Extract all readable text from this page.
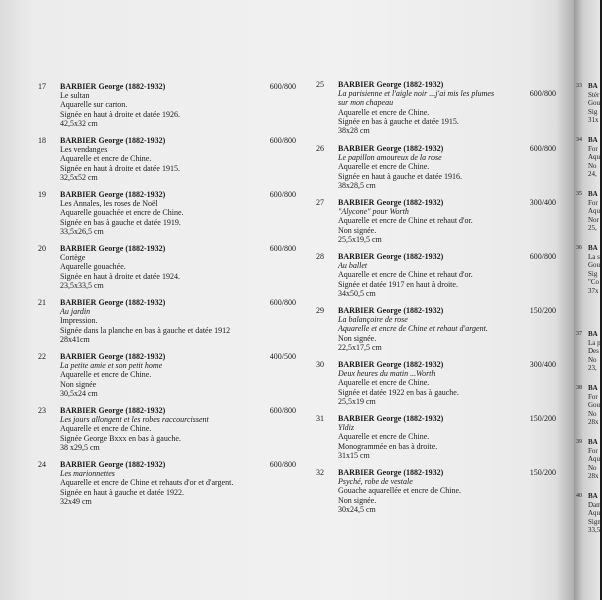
17	BARBIER George (1882-1932)
Le sultan
Aquarelle sur carton.
Signée en haut à droite et datée 1926.
42,5x32 cm
600/800
18	BARBIER George (1882-1932)
Les vendanges
Aquarelle et encre de Chine.
Signée en haut à droite et datée 1915.
32,5x52 cm
600/800
19	BARBIER George (1882-1932)
Les Annales, les roses de Noël
Aquarelle gouachée et encre de Chine.
Signée en bas à gauche et datée 1919.
33,5x26,5 cm
600/800
20	BARBIER George (1882-1932)
Cortège
Aquarelle gouachée.
Signée en haut à droite et datée 1924.
23,5x33,5 cm
600/800
21	BARBIER George (1882-1932)
Au jardin
Impression.
Signée dans la planche en bas à gauche et datée 1912
28x41cm
600/800
22	BARBIER George (1882-1932)
La petite amie et son petit home
Aquarelle et encre de Chine.
Non signée
30,5x24 cm
400/500
23	BARBIER George (1882-1932)
Les jours allongent et les robes raccourcissent
Aquarelle et encre de Chine.
Signée George Bxxx en bas à gauche.
38 x29,5 cm
600/800
24	BARBIER George (1882-1932)
Les marionnettes
Aquarelle et encre de Chine et rehauts d'or et d'argent.
Signée en haut à gauche et datée 1922.
32x49 cm
600/800
25	BARBIER George (1882-1932)
La parisienne et l'aigle noir ...j'ai mis les plumes
sur mon chapeau
Aquarelle et encre de Chine.
Signée en bas à gauche et datée 1915.
38x28 cm
600/800
26	BARBIER George (1882-1932)
Le papillon amoureux de la rose
Aquarelle et encre de Chine.
Signée en haut à gauche et datée 1916.
38x28,5 cm
600/800
27	BARBIER George (1882-1932)
"Alycone" pour Worth
Aquarelle et encre de Chine et rehaut d'or.
Non signée.
25,5x19,5 cm
300/400
28	BARBIER George (1882-1932)
Au ballet
Aquarelle et encre de Chine et rehaut d'or.
Signée et datée 1917 en haut à droite.
34x50,5 cm
600/800
29	BARBIER George (1882-1932)
La balançoire de rose
Aquarelle et encre de Chine et rehaut d'argent.
Non signée.
22,5x17,5 cm
150/200
30	BARBIER George (1882-1932)
Deux heures du matin ...Worth
Aquarelle et encre de Chine.
Signée et datée 1922 en bas à gauche.
25,5x19 cm
300/400
31	BARBIER George (1882-1932)
Yldiz
Aquarelle et encre de Chine.
Monogrammée en bas à droite.
31x15 cm
150/200
32	BARBIER George (1882-1932)
Psyché, robe de vestale
Gouache aquarellée et encre de Chine.
Non signée.
30x24,5 cm
150/200
33 BA
Stér
Gou
Sig
31x
34 BA
For
Aqu
No
24,
35 BA
For
Aqu
Nor
25,
36 BA
La s
Gou
Sig
"Co
37x
37 BA
La p
Des
No
23,
38 BA
For
Gou
No
28x
39 BA
For
Aqu
No
28x
40 BA
Dam
Aqu
Sign
33,5
